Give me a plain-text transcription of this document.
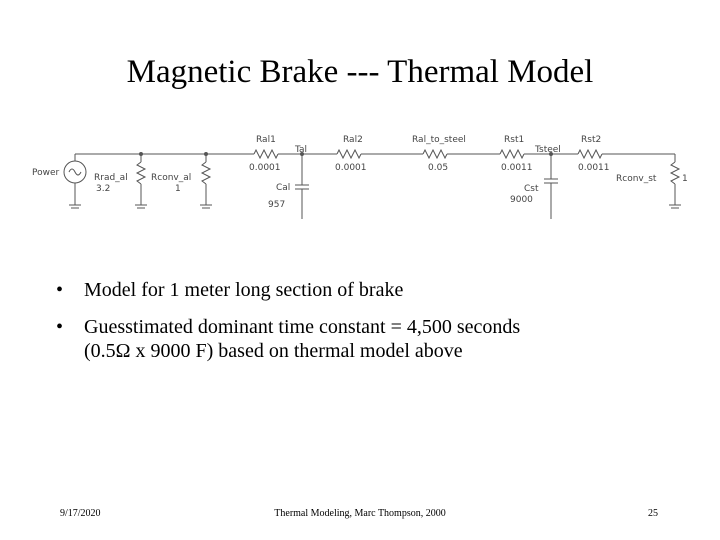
Magnetic Brake --- Thermal Model
Power	Rrad_al
3.2
Rconv_al
1
Ral1
0.0001
Tal
Ral2
0.0001
Cal
957
Ral_to_steel
0.05
Rst1
0.0011
Tsteel
Rst2
0.0011
Cst
9000
Rconv_st	1
• Model for 1 meter long section of brake
• Guesstimated dominant time constant = 4,500 seconds
(0.5Ω x 9000 F) based on thermal model above
9/17/2020	Thermal Modeling, Marc Thompson, 2000	25
